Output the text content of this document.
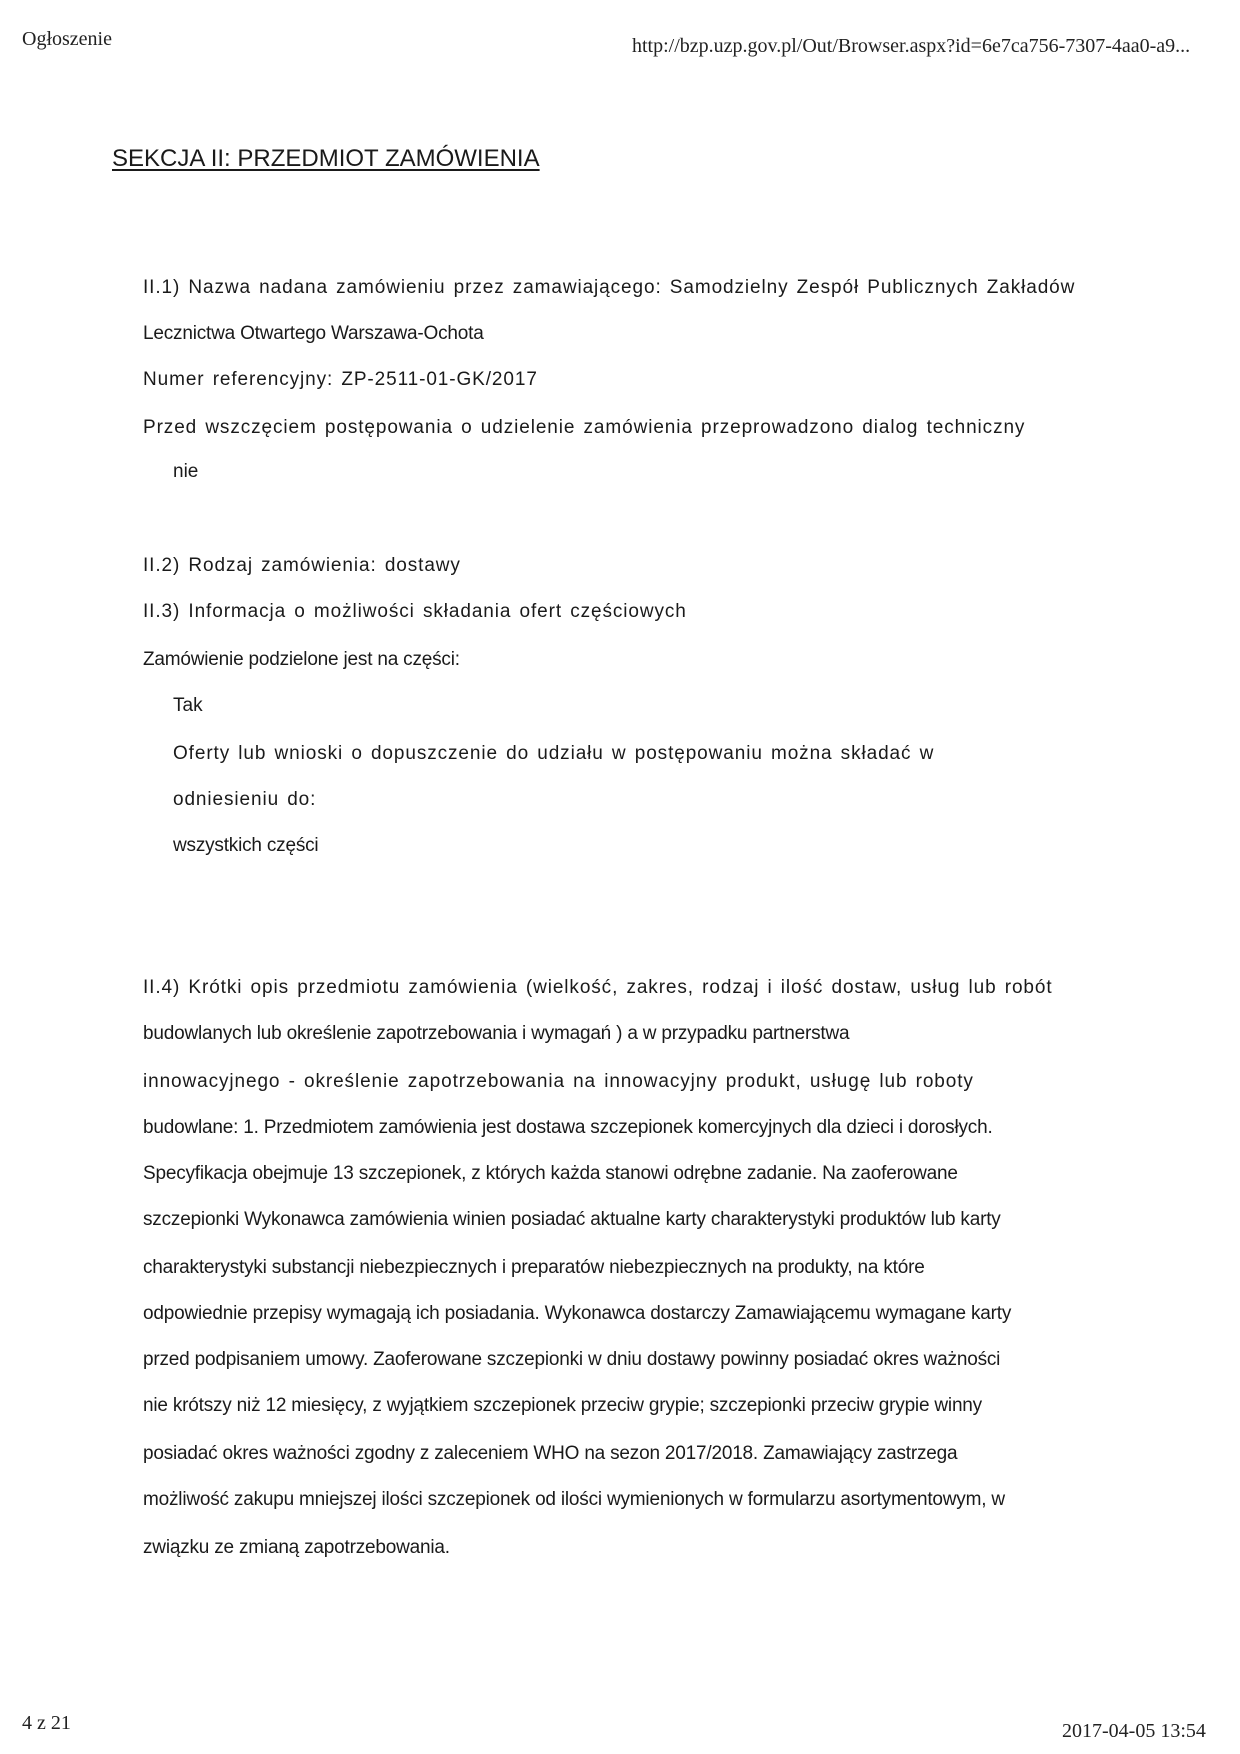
Ogłoszenie	http://bzp.uzp.gov.pl/Out/Browser.aspx?id=6e7ca756-7307-4aa0-a9...
SEKCJA II: PRZEDMIOT ZAMÓWIENIA
II.1) Nazwa nadana zamówieniu przez zamawiającego: Samodzielny Zespół Publicznych Zakładów
Lecznictwa Otwartego Warszawa-Ochota
Numer referencyjny: ZP-2511-01-GK/2017
Przed wszczęciem postępowania o udzielenie zamówienia przeprowadzono dialog techniczny
nie
II.2) Rodzaj zamówienia: dostawy
II.3) Informacja o możliwości składania ofert częściowych
Zamówienie podzielone jest na części:
Tak
Oferty lub wnioski o dopuszczenie do udziału w postępowaniu można składać w
odniesieniu do:
wszystkich części
II.4) Krótki opis przedmiotu zamówienia (wielkość, zakres, rodzaj i ilość dostaw, usług lub robót
budowlanych lub określenie zapotrzebowania i wymagań ) a w przypadku partnerstwa
innowacyjnego - określenie zapotrzebowania na innowacyjny produkt, usługę lub roboty
budowlane: 1. Przedmiotem zamówienia jest dostawa szczepionek komercyjnych dla dzieci i dorosłych.
Specyfikacja obejmuje 13 szczepionek, z których każda stanowi odrębne zadanie. Na zaoferowane
szczepionki Wykonawca zamówienia winien posiadać aktualne karty charakterystyki produktów lub karty
charakterystyki substancji niebezpiecznych i preparatów niebezpiecznych na produkty, na które
odpowiednie przepisy wymagają ich posiadania. Wykonawca dostarczy Zamawiającemu wymagane karty
przed podpisaniem umowy. Zaoferowane szczepionki w dniu dostawy powinny posiadać okres ważności
nie krótszy niż 12 miesięcy, z wyjątkiem szczepionek przeciw grypie; szczepionki przeciw grypie winny
posiadać okres ważności zgodny z zaleceniem WHO na sezon 2017/2018. Zamawiający zastrzega
możliwość zakupu mniejszej ilości szczepionek od ilości wymienionych w formularzu asortymentowym, w
związku ze zmianą zapotrzebowania.
4 z 21	2017-04-05 13:54
